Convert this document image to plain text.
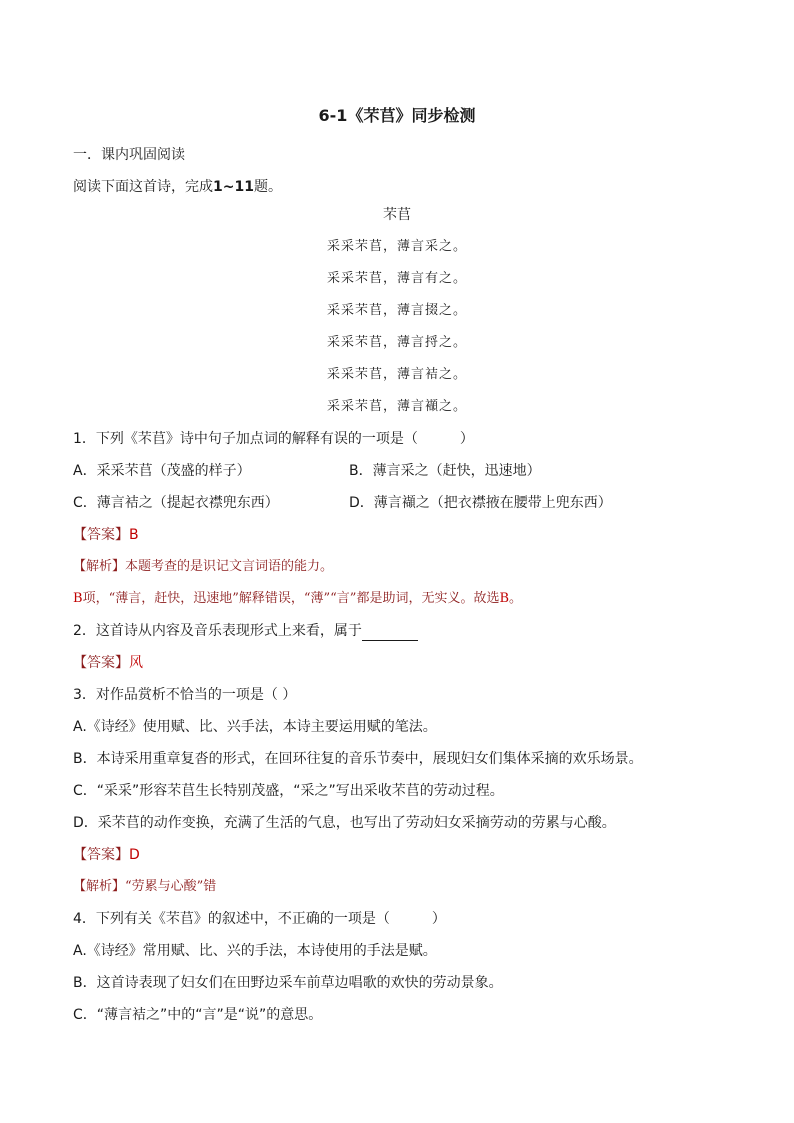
6-1《芣苢》同步检测
一．课内巩固阅读
阅读下面这首诗，完成1~11题。
芣苢
采采芣苢，薄言采之。
采采芣苢，薄言有之。
采采芣苢，薄言掇之。
采采芣苢，薄言捋之。
采采芣苢，薄言袺之。
采采芣苢，薄言襭之。
1．下列《芣苢》诗中句子加点词的解释有误的一项是（　　　）
A．采采芣苢（茂盛的样子）	B．薄言采之（赶快，迅速地）
C．薄言袺之（提起衣襟兜东西）	D．薄言襭之（把衣襟掖在腰带上兜东西）
【答案】B
【解析】本题考查的是识记文言词语的能力。
B项，“薄言，赶快，迅速地”解释错误，“薄”“言”都是助词，无实义。故选B。
2．这首诗从内容及音乐表现形式上来看，属于
【答案】风
3．对作品赏析不恰当的一项是（ ）
A.《诗经》使用赋、比、兴手法，本诗主要运用赋的笔法。
B．本诗采用重章复沓的形式，在回环往复的音乐节奏中，展现妇女们集体采摘的欢乐场景。
C．“采采”形容芣苢生长特别茂盛，“采之”写出采收芣苢的劳动过程。
D．采芣苢的动作变换，充满了生活的气息，也写出了劳动妇女采摘劳动的劳累与心酸。
【答案】D
【解析】“劳累与心酸”错
4．下列有关《芣苢》的叙述中，不正确的一项是（　　　）
A.《诗经》常用赋、比、兴的手法，本诗使用的手法是赋。
B．这首诗表现了妇女们在田野边采车前草边唱歌的欢快的劳动景象。
C．“薄言袺之”中的“言”是“说”的意思。
